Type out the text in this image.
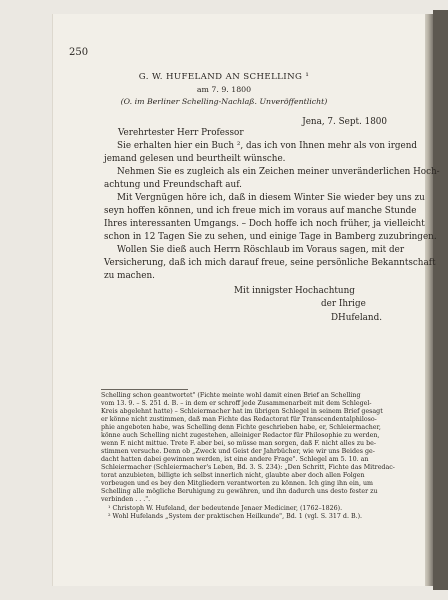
250
G. W. HUFELAND AN SCHELLING ¹
am 7. 9. 1800
(O. im Berliner Schelling-Nachlaß. Unveröffentlicht)
Jena, 7. Sept. 1800
Verehrtester Herr Professor
Sie erhalten hier ein Buch ², das ich von Ihnen mehr als von irgend
jemand gelesen und beurtheilt wünsche.
Nehmen Sie es zugleich als ein Zeichen meiner unveränderlichen Hoch-
achtung und Freundschaft auf.
Mit Vergnügen höre ich, daß in diesem Winter Sie wieder bey uns zu
seyn hoffen können, und ich freue mich im voraus auf manche Stunde
Ihres interessanten Umgangs. – Doch hoffe ich noch früher, ja vielleicht
schon in 12 Tagen Sie zu sehen, und einige Tage in Bamberg zuzubringen.
Wollen Sie dieß auch Herrn Röschlaub im Voraus sagen, mit der
Versicherung, daß ich mich darauf freue, seine persönliche Bekanntschaft
zu machen.
Mit innigster Hochachtung
der Ihrige
DHufeland.
Schelling schon geantwortet" (Fichte meinte wohl damit einen Brief an Schelling
vom 13. 9. – S. 251 d. B. – in dem er schroff jede Zusammenarbeit mit dem Schlegel-
Kreis abgelehnt hatte) – Schleiermacher hat im übrigen Schlegel in seinem Brief gesagt
er könne nicht zustimmen, daß man Fichte das Redactorat für Transcendentalphiloso-
phie angeboten habe, was Schelling denn Fichte geschrieben habe, er, Schleiermacher,
könne auch Schelling nicht zugestehen, alleiniger Redactor für Philosophie zu werden,
wenn F. nicht mittue. Trete F. aber bei, so müsse man sorgen, daß F. nicht alles zu be-
stimmen versuche. Denn ob „Zweck und Geist der Jahrbücher, wie wir uns Beides ge-
dacht hatten dabei gewinnen werden, ist eine andere Frage". Schlegel am 5. 10. an
Schleiermacher (Schleiermacher's Leben, Bd. 3. S. 234): „Den Schritt, Fichte das Mitredac-
torat anzubieten, billigte ich selbst innerlich nicht, glaubte aber doch allen Folgen
vorbeugen und es bey den Mitgliedern verantworten zu können. Ich ging ihn ein, um
Schelling alle mögliche Beruhigung zu gewähren, und ihn dadurch uns desto fester zu
verbinden . . .".
¹ Christoph W. Hufeland, der bedeutende Jenaer Mediciner, (1762–1826).
² Wohl Hufelands „System der praktischen Heilkunde", Bd. 1 (vgl. S. 317 d. B.).
